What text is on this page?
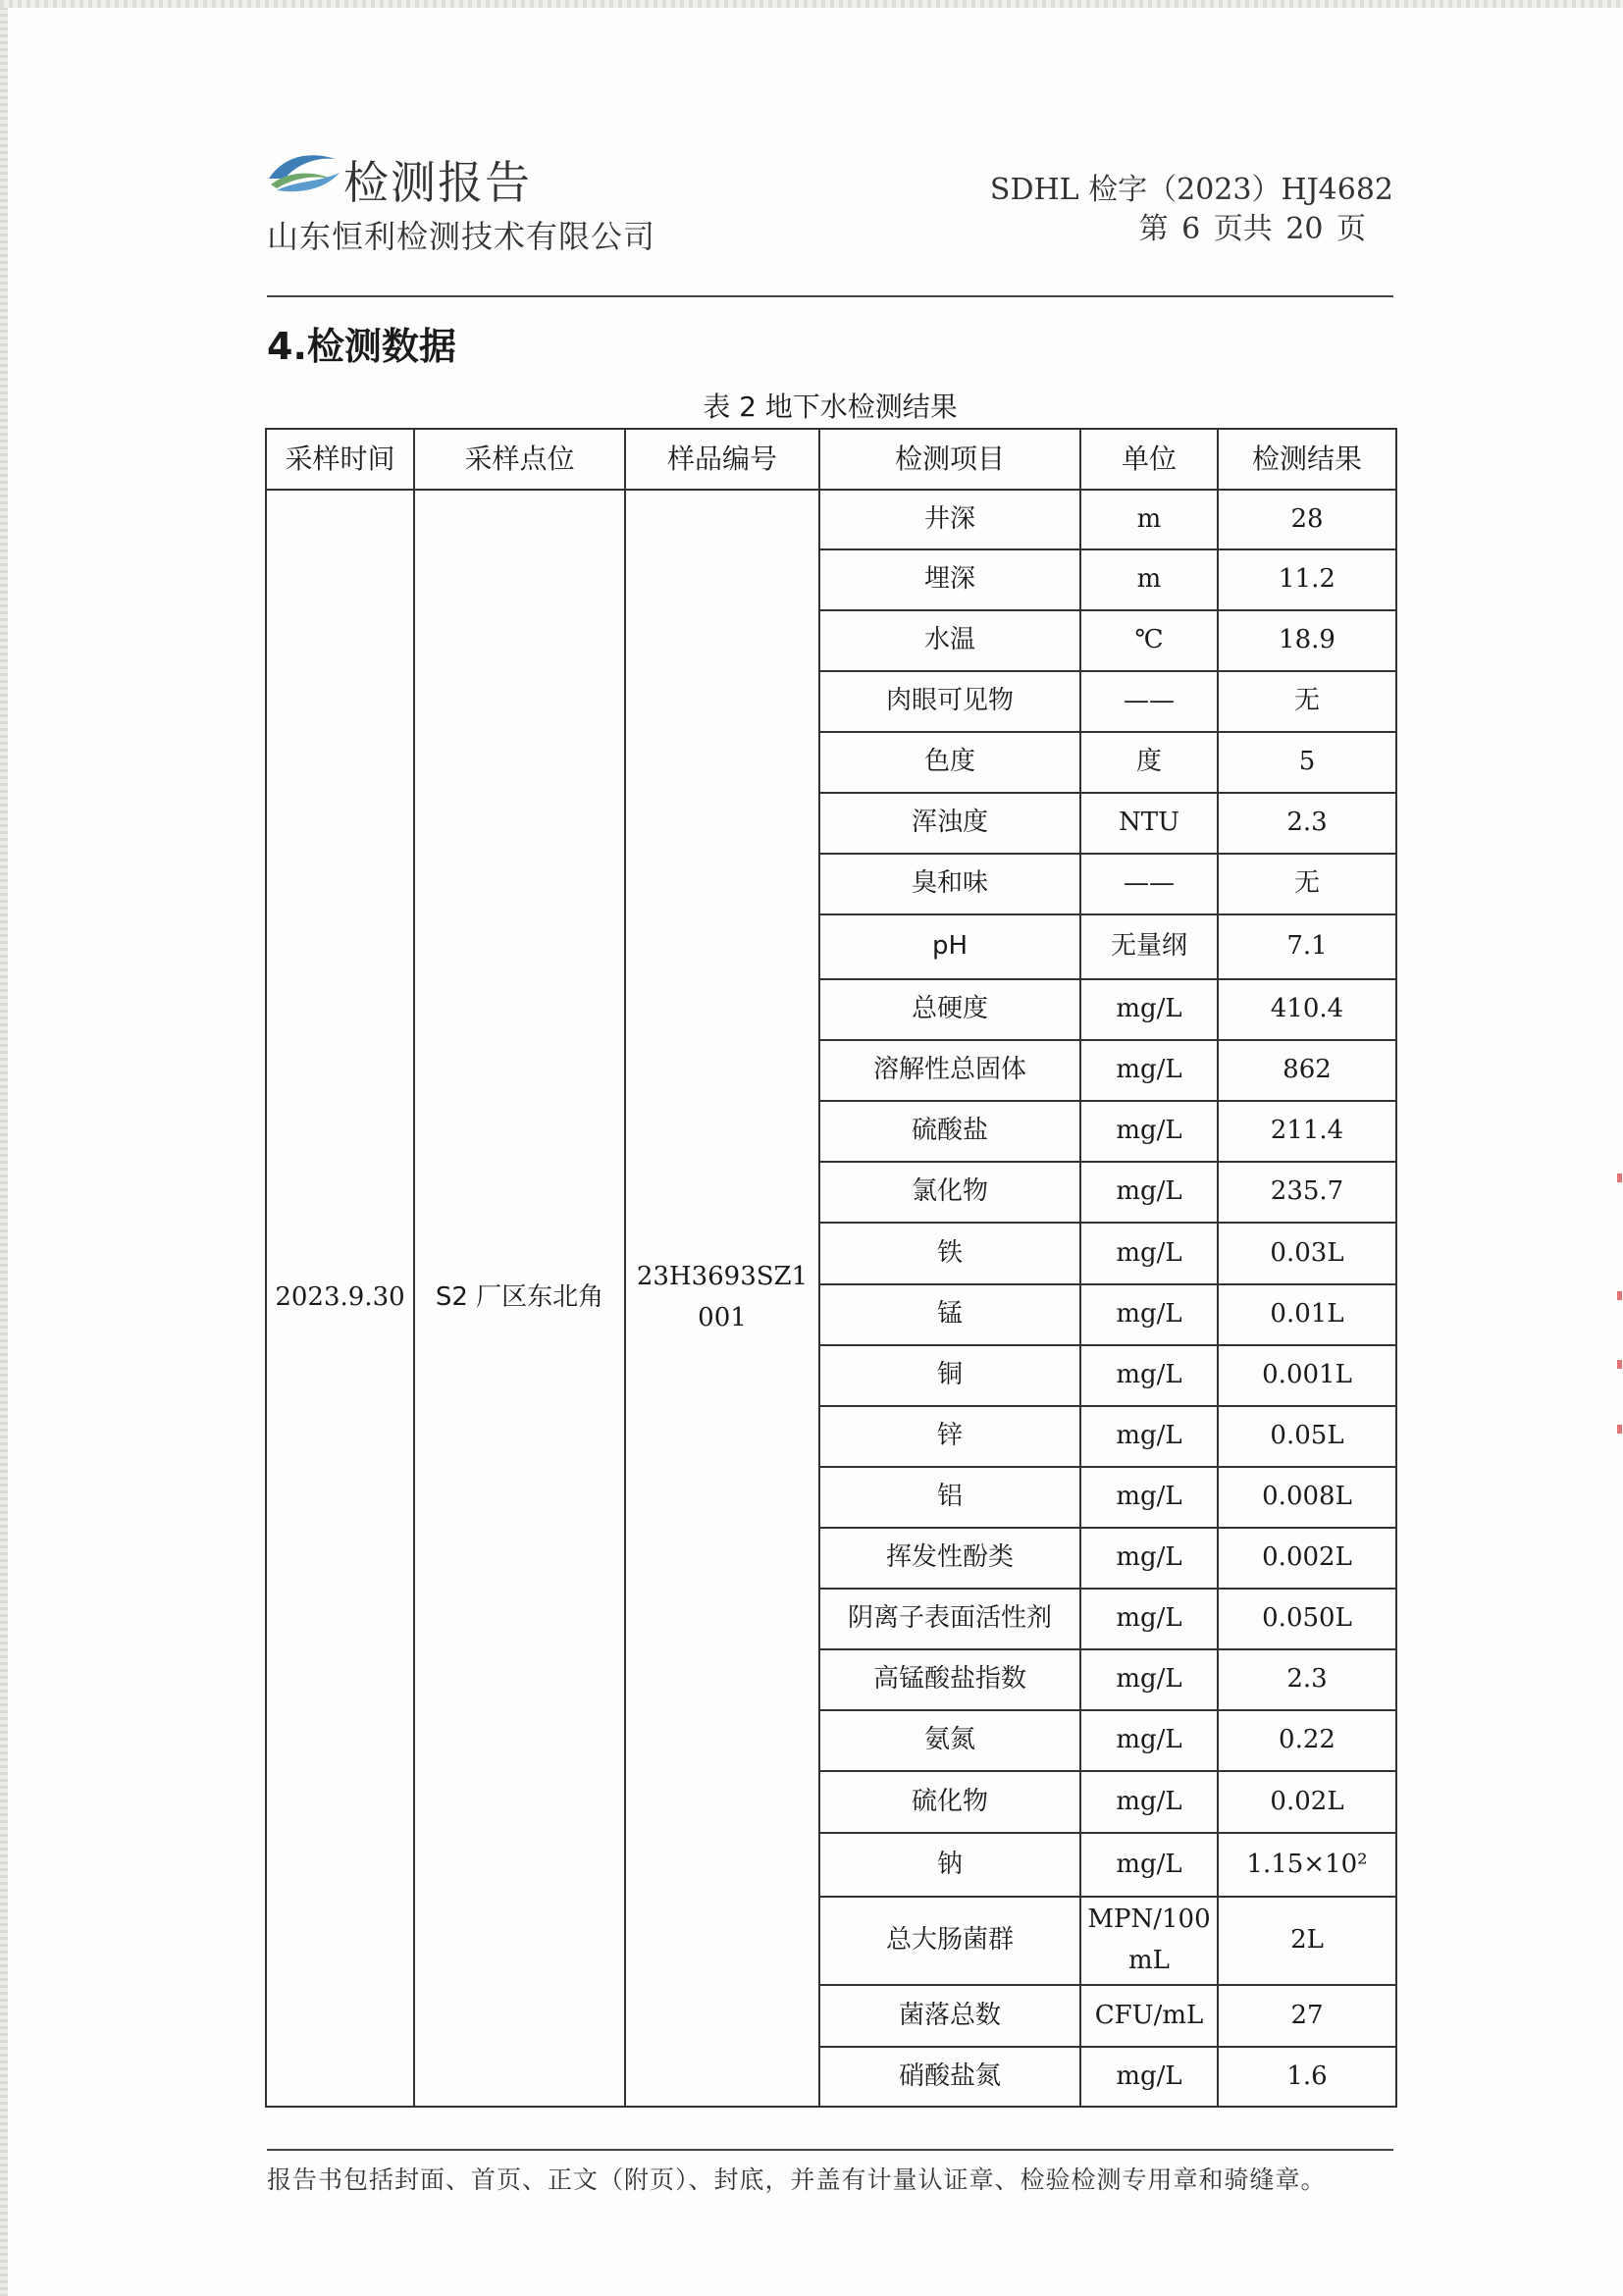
检测报告
山东恒利检测技术有限公司
SDHL 检字（2023）HJ4682
第 6 页共 20 页
4.检测数据
表 2 地下水检测结果
采样时间	采样点位	样品编号	检测项目	单位	检测结果
2023.9.30	S2 厂区东北角	23H3693SZ1001	井深	m	28
			埋深	m	11.2
			水温	℃	18.9
			肉眼可见物	——	无
			色度	度	5
			浑浊度	NTU	2.3
			臭和味	——	无
			pH	无量纲	7.1
			总硬度	mg/L	410.4
			溶解性总固体	mg/L	862
			硫酸盐	mg/L	211.4
			氯化物	mg/L	235.7
			铁	mg/L	0.03L
			锰	mg/L	0.01L
			铜	mg/L	0.001L
			锌	mg/L	0.05L
			铝	mg/L	0.008L
			挥发性酚类	mg/L	0.002L
			阴离子表面活性剂	mg/L	0.050L
			高锰酸盐指数	mg/L	2.3
			氨氮	mg/L	0.22
			硫化物	mg/L	0.02L
			钠	mg/L	1.15×10²
			总大肠菌群	MPN/100mL	2L
			菌落总数	CFU/mL	27
			硝酸盐氮	mg/L	1.6
报告书包括封面、首页、正文（附页）、封底，并盖有计量认证章、检验检测专用章和骑缝章。
